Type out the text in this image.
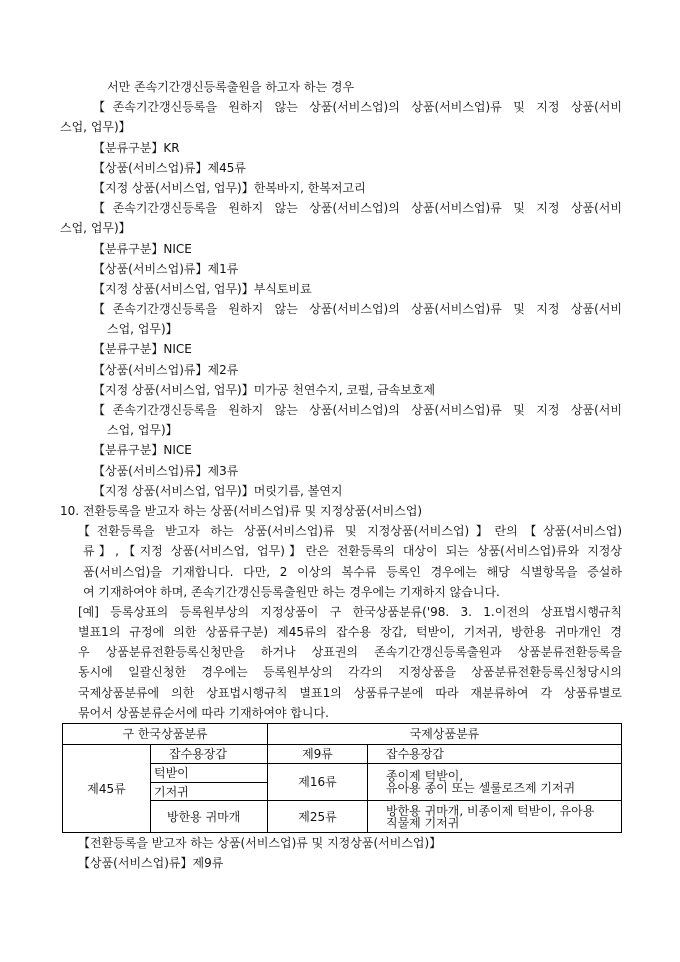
서만 존속기간갱신등록출원을 하고자 하는 경우
【존속기간갱신등록을 원하지 않는 상품(서비스업)의 상품(서비스업)류 및 지정 상품(서비
스업, 업무)】
【분류구분】KR
【상품(서비스업)류】제45류
【지정 상품(서비스업, 업무)】한복바지, 한복저고리
【존속기간갱신등록을 원하지 않는 상품(서비스업)의 상품(서비스업)류 및 지정 상품(서비
스업, 업무)】
【분류구분】NICE
【상품(서비스업)류】제1류
【지정 상품(서비스업, 업무)】부식토비료
【존속기간갱신등록을 원하지 않는 상품(서비스업)의 상품(서비스업)류 및 지정 상품(서비
스업, 업무)】
【분류구분】NICE
【상품(서비스업)류】제2류
【지정 상품(서비스업, 업무)】미가공 천연수지, 코펄, 금속보호제
【존속기간갱신등록을 원하지 않는 상품(서비스업)의 상품(서비스업)류 및 지정 상품(서비
스업, 업무)】
【분류구분】NICE
【상품(서비스업)류】제3류
【지정 상품(서비스업, 업무)】머릿기름, 볼연지
10. 전환등록을 받고자 하는 상품(서비스업)류 및 지정상품(서비스업)
【전환등록을 받고자 하는 상품(서비스업)류 및 지정상품(서비스업)】란의【상품(서비스업)
류】,【지정 상품(서비스업, 업무)】란은 전환등록의 대상이 되는 상품(서비스업)류와 지정상
품(서비스업)을 기재합니다. 다만, 2 이상의 복수류 등록인 경우에는 해당 식별항목을 증설하
여 기재하여야 하며, 존속기간갱신등록출원만 하는 경우에는 기재하지 않습니다.
[예] 등록상표의 등록원부상의 지정상품이 구 한국상품분류('98. 3. 1.이전의 상표법시행규칙
별표1의 규정에 의한 상품류구분) 제45류의 잡수용 장갑, 턱받이, 기저귀, 방한용 귀마개인 경
우 상품분류전환등록신청만을 하거나 상표권의 존속기간갱신등록출원과 상품분류전환등록을
동시에 일괄신청한 경우에는 등록원부상의 각각의 지정상품을 상품분류전환등록신청당시의
국제상품분류에 의한 상표법시행규칙 별표1의 상품류구분에 따라 재분류하여 각 상품류별로
묶어서 상품분류순서에 따라 기재하여야 합니다.
구 한국상품분류		국제상품분류	
제45류	잡수용장갑	제9류	잡수용장갑

	턱받이	제16류	종이제 턱받이,
유아용 종이 또는 셀룰로즈제 기저귀

	기저귀		
	방한용 귀마개	제25류	방한용 귀마개, 비종이제 턱받이, 유아용
직물제 기저귀
【전환등록을 받고자 하는 상품(서비스업)류 및 지정상품(서비스업)】
【상품(서비스업)류】제9류
